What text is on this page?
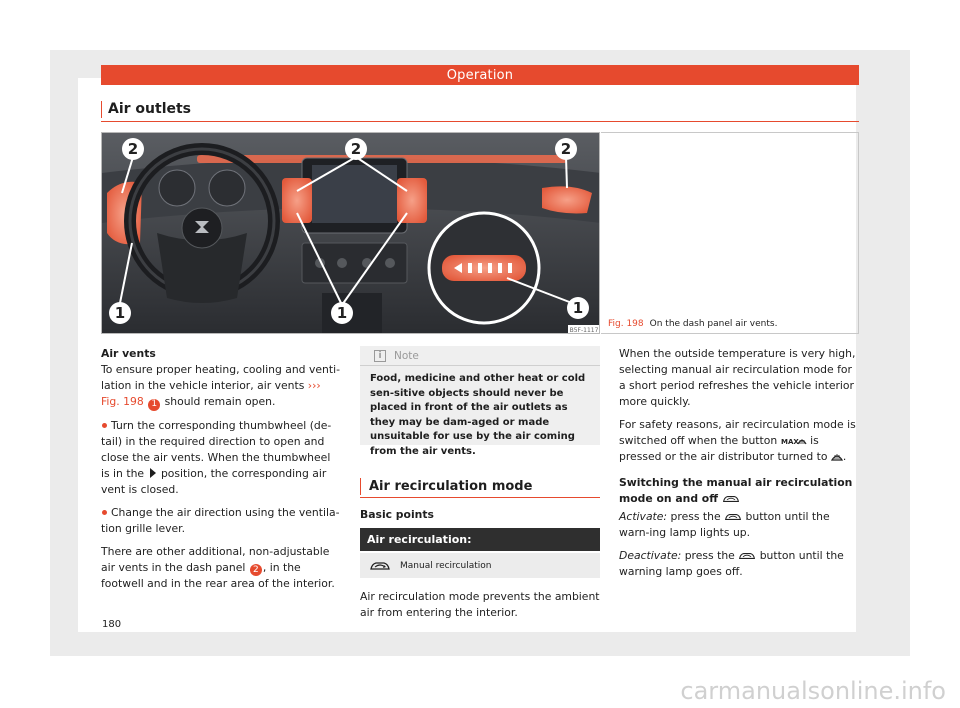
Operation
Air outlets
2	2	2
1	1	1
B5F-1117
Fig. 198 On the dash panel air vents.

Air vents

To ensure proper heating, cooling and venti-lation in the vehicle interior, air vents ››› Fig. 198 1 should remain open.

Turn the corresponding thumbwheel (de-tail) in the required direction to open and close the air vents. When the thumbwheel is in the position, the corresponding air vent is closed.

Change the air direction using the ventila-tion grille lever.

There are other additional, non-adjustable air vents in the dash panel 2 , in the footwell and in the rear area of the interior.

i	Note
Food, medicine and other heat or cold sen-sitive objects should never be placed in front of the air outlets as they may be dam-aged or made unsuitable for use by the air coming from the air vents.
Air recirculation mode
Basic points
Air recirculation:
Manual recirculation
Air recirculation mode prevents the ambient air from entering the interior.

When the outside temperature is very high, selecting manual air recirculation mode for a short period refreshes the vehicle interior more quickly.

For safety reasons, air recirculation mode is switched off when the button MAX is pressed or the air distributor turned to .

Switching the manual air recirculation mode on and off

Activate: press the button until the warn-ing lamp lights up.

Deactivate: press the button until the warning lamp goes off.

180
carmanualsonline.info
